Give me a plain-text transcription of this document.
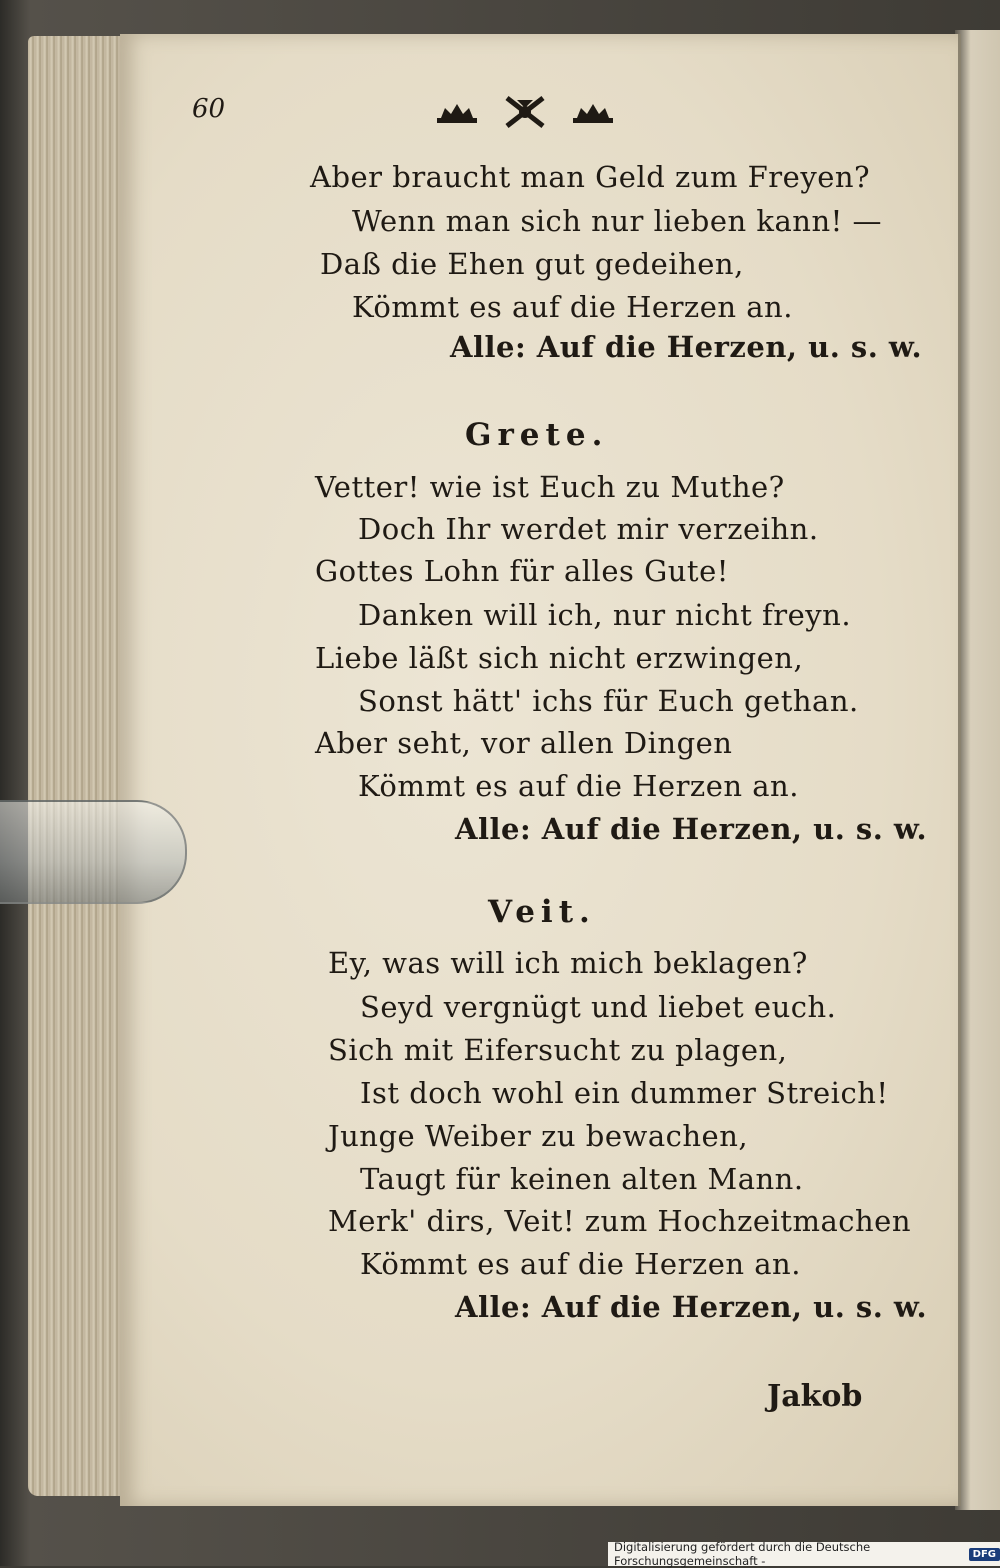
60
Aber braucht man Geld zum Freyen?
Wenn man sich nur lieben kann! —
Daß die Ehen gut gedeihen,
Kömmt es auf die Herzen an.
Alle: Auf die Herzen, u. s. w.
Grete.
Vetter! wie ist Euch zu Muthe?
Doch Ihr werdet mir verzeihn.
Gottes Lohn für alles Gute!
Danken will ich, nur nicht freyn.
Liebe läßt sich nicht erzwingen,
Sonst hätt' ichs für Euch gethan.
Aber seht, vor allen Dingen
Kömmt es auf die Herzen an.
Alle: Auf die Herzen, u. s. w.
Veit.
Ey, was will ich mich beklagen?
Seyd vergnügt und liebet euch.
Sich mit Eifersucht zu plagen,
Ist doch wohl ein dummer Streich!
Junge Weiber zu bewachen,
Taugt für keinen alten Mann.
Merk' dirs, Veit! zum Hochzeitmachen
Kömmt es auf die Herzen an.
Alle: Auf die Herzen, u. s. w.
Jakob
Digitalisierung gefördert durch die Deutsche Forschungsgemeinschaft -	DFG
